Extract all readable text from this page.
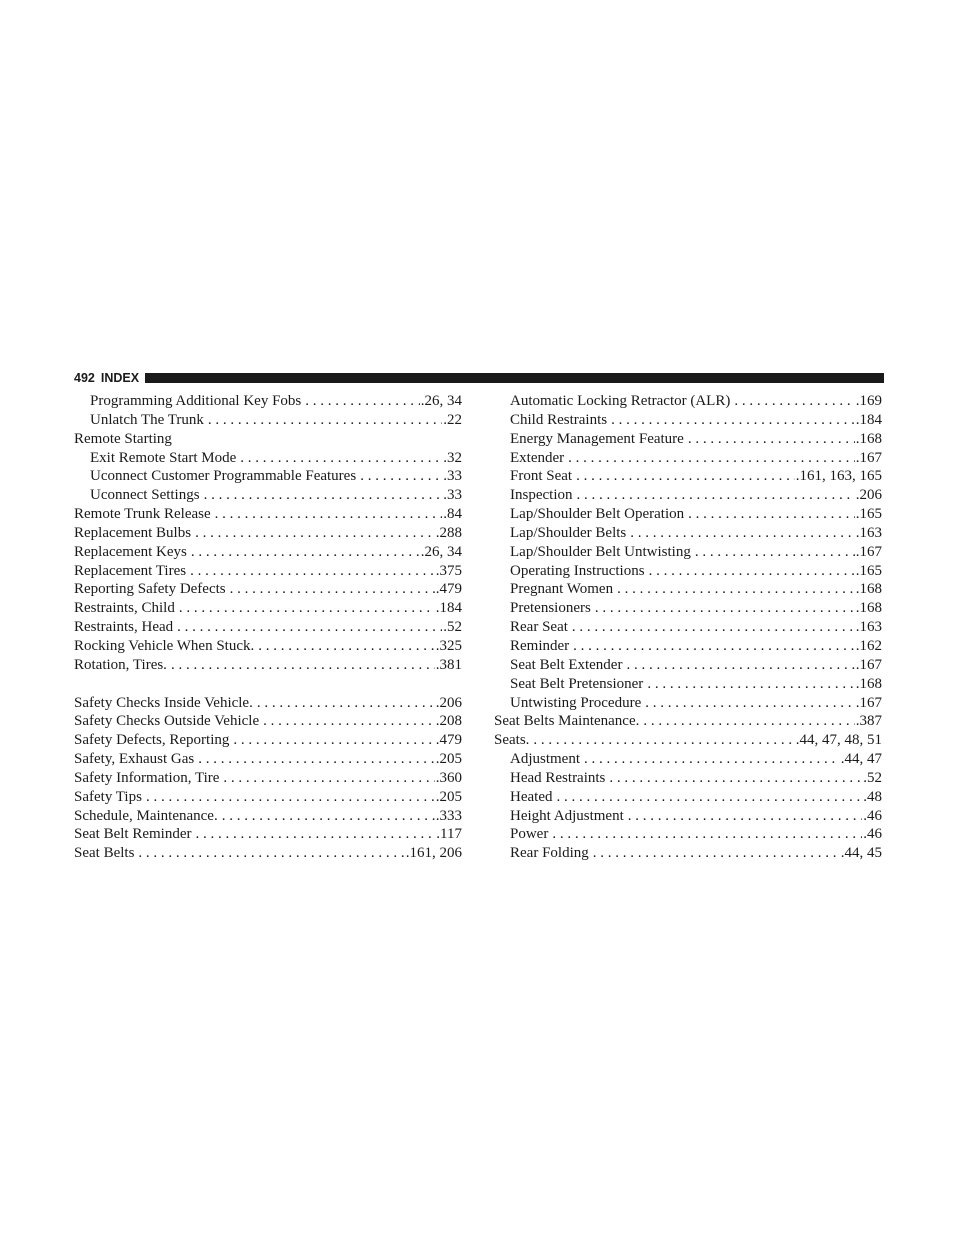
492 INDEX
Programming Additional Key Fobs . . .	.26, 34
Unlatch The Trunk . . .	.22
Remote Starting
Exit Remote Start Mode . . .	.32
Uconnect Customer Programmable Features . . .	.33
Uconnect Settings . . .	.33
Remote Trunk Release . . .	.84
Replacement Bulbs . . .	.288
Replacement Keys . . .	.26, 34
Replacement Tires . . .	.375
Reporting Safety Defects . . .	.479
Restraints, Child . . .	.184
Restraints, Head . . .	.52
Rocking Vehicle When Stuck. . . .	.325
Rotation, Tires. . . .	.381
Safety Checks Inside Vehicle. . . .	.206
Safety Checks Outside Vehicle . . .	.208
Safety Defects, Reporting . . .	.479
Safety, Exhaust Gas . . .	.205
Safety Information, Tire . . .	.360
Safety Tips . . .	.205
Schedule, Maintenance. . . .	.333
Seat Belt Reminder . . .	.117
Seat Belts . . .	.161, 206
Automatic Locking Retractor (ALR) . . .	.169
Child Restraints . . .	.184
Energy Management Feature . . .	.168
Extender . . .	.167
Front Seat . . .	.161, 163, 165
Inspection . . .	.206
Lap/Shoulder Belt Operation . . .	.165
Lap/Shoulder Belts . . .	.163
Lap/Shoulder Belt Untwisting . . .	.167
Operating Instructions . . .	.165
Pregnant Women . . .	.168
Pretensioners . . .	.168
Rear Seat . . .	.163
Reminder . . .	.162
Seat Belt Extender . . .	.167
Seat Belt Pretensioner . . .	.168
Untwisting Procedure . . .	.167
Seat Belts Maintenance. . . .	.387
Seats. . . .	.44, 47, 48, 51
Adjustment . . .	.44, 47
Head Restraints . . .	.52
Heated . . .	.48
Height Adjustment . . .	.46
Power . . .	.46
Rear Folding . . .	.44, 45
